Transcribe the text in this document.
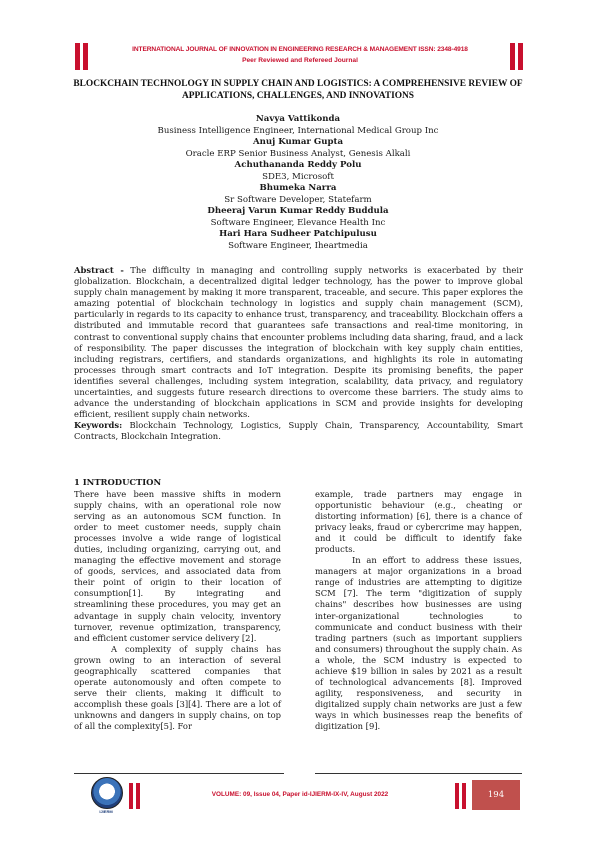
INTERNATIONAL JOURNAL OF INNOVATION IN ENGINEERING RESEARCH & MANAGEMENT ISSN: 2348-4918
Peer Reviewed and Refereed Journal
BLOCKCHAIN TECHNOLOGY IN SUPPLY CHAIN AND LOGISTICS: A COMPREHENSIVE REVIEW OF APPLICATIONS, CHALLENGES, AND INNOVATIONS
Navya Vattikonda
Business Intelligence Engineer, International Medical Group Inc
Anuj Kumar Gupta
Oracle ERP Senior Business Analyst, Genesis Alkali
Achuthananda Reddy Polu
SDE3, Microsoft
Bhumeka Narra
Sr Software Developer, Statefarm
Dheeraj Varun Kumar Reddy Buddula
Software Engineer, Elevance Health Inc
Hari Hara Sudheer Patchipulusu
Software Engineer, Iheartmedia
Abstract - The difficulty in managing and controlling supply networks is exacerbated by their globalization. Blockchain, a decentralized digital ledger technology, has the power to improve global supply chain management by making it more transparent, traceable, and secure. This paper explores the amazing potential of blockchain technology in logistics and supply chain management (SCM), particularly in regards to its capacity to enhance trust, transparency, and traceability. Blockchain offers a distributed and immutable record that guarantees safe transactions and real-time monitoring, in contrast to conventional supply chains that encounter problems including data sharing, fraud, and a lack of responsibility. The paper discusses the integration of blockchain with key supply chain entities, including registrars, certifiers, and standards organizations, and highlights its role in automating processes through smart contracts and IoT integration. Despite its promising benefits, the paper identifies several challenges, including system integration, scalability, data privacy, and regulatory uncertainties, and suggests future research directions to overcome these barriers. The study aims to advance the understanding of blockchain applications in SCM and provide insights for developing efficient, resilient supply chain networks.
Keywords: Blockchain Technology, Logistics, Supply Chain, Transparency, Accountability, Smart Contracts, Blockchain Integration.
1 INTRODUCTION

There have been massive shifts in modern supply chains, with an operational role now serving as an autonomous SCM function. In order to meet customer needs, supply chain processes involve a wide range of logistical duties, including organizing, carrying out, and managing the effective movement and storage of goods, services, and associated data from their point of origin to their location of consumption[1]. By integrating and streamlining these procedures, you may get an advantage in supply chain velocity, inventory turnover, revenue optimization, transparency, and efficient customer service delivery [2].

A complexity of supply chains has grown owing to an interaction of several geographically scattered companies that operate autonomously and often compete to serve their clients, making it difficult to accomplish these goals [3][4]. There are a lot of unknowns and dangers in supply chains, on top of all the complexity[5]. For

example, trade partners may engage in opportunistic behaviour (e.g., cheating or distorting information) [6], there is a chance of privacy leaks, fraud or cybercrime may happen, and it could be difficult to identify fake products.

In an effort to address these issues, managers at major organizations in a broad range of industries are attempting to digitize SCM [7]. The term "digitization of supply chains" describes how businesses are using inter-organizational technologies to communicate and conduct business with their trading partners (such as important suppliers and consumers) throughout the supply chain. As a whole, the SCM industry is expected to achieve $19 billion in sales by 2021 as a result of technological advancements [8]. Improved agility, responsiveness, and security in digitalized supply chain networks are just a few ways in which businesses reap the benefits of digitization [9].

IJIERM
VOLUME: 09, Issue 04, Paper id-IJIERM-IX-IV, August 2022	194
